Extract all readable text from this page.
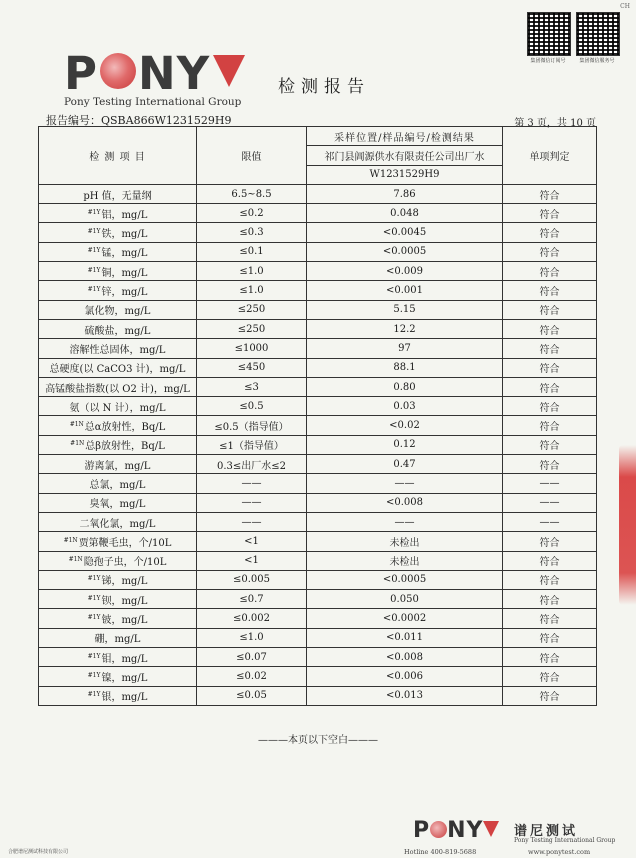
CH
集团微信订阅号	集团微信服务号
P NY
Pony Testing International Group
检测报告
报告编号：QSBA866W1231529H9	第 3 页，共 10 页
检 测 项 目	限值	采样位置/样品编号/检测结果	单项判定
		祁门县阊源供水有限责任公司出厂水	
		W1231529H9	
pH 值，无量纲	6.5~8.5	7.86	符合
$^{\#1Y}$铝，mg/L	≤0.2	0.048	符合
$^{\#1Y}$铁，mg/L	≤0.3	<0.0045	符合
$^{\#1Y}$锰，mg/L	≤0.1	<0.0005	符合
$^{\#1Y}$铜，mg/L	≤1.0	<0.009	符合
$^{\#1Y}$锌，mg/L	≤1.0	<0.001	符合
氯化物，mg/L	≤250	5.15	符合
硫酸盐，mg/L	≤250	12.2	符合
溶解性总固体，mg/L	≤1000	97	符合
总硬度(以 CaCO3 计)，mg/L	≤450	88.1	符合
高锰酸盐指数(以 O2 计)，mg/L	≤3	0.80	符合
氨（以 N 计），mg/L	≤0.5	0.03	符合
$^{\#1N}$总α放射性，Bq/L	≤0.5（指导值）	<0.02	符合
$^{\#1N}$总β放射性，Bq/L	≤1（指导值）	0.12	符合
游离氯，mg/L	0.3≤出厂水≤2	0.47	符合
总氯，mg/L	——	——	——
臭氧，mg/L	——	<0.008	——
二氧化氯，mg/L	——	——	——
$^{\#1N}$贾第鞭毛虫，个/10L	<1	未检出	符合
$^{\#1N}$隐孢子虫，个/10L	<1	未检出	符合
$^{\#1Y}$锑，mg/L	≤0.005	<0.0005	符合
$^{\#1Y}$钡，mg/L	≤0.7	0.050	符合
$^{\#1Y}$铍，mg/L	≤0.002	<0.0002	符合
硼，mg/L	≤1.0	<0.011	符合
$^{\#1Y}$钼，mg/L	≤0.07	<0.008	符合
$^{\#1Y}$镍，mg/L	≤0.02	<0.006	符合
$^{\#1Y}$银，mg/L	≤0.05	<0.013	符合
———本页以下空白———
P NY	谱尼测试
Pony Testing International Group
合肥谱尼测试科技有限公司	Hotline 400-819-5688	www.ponytest.com
